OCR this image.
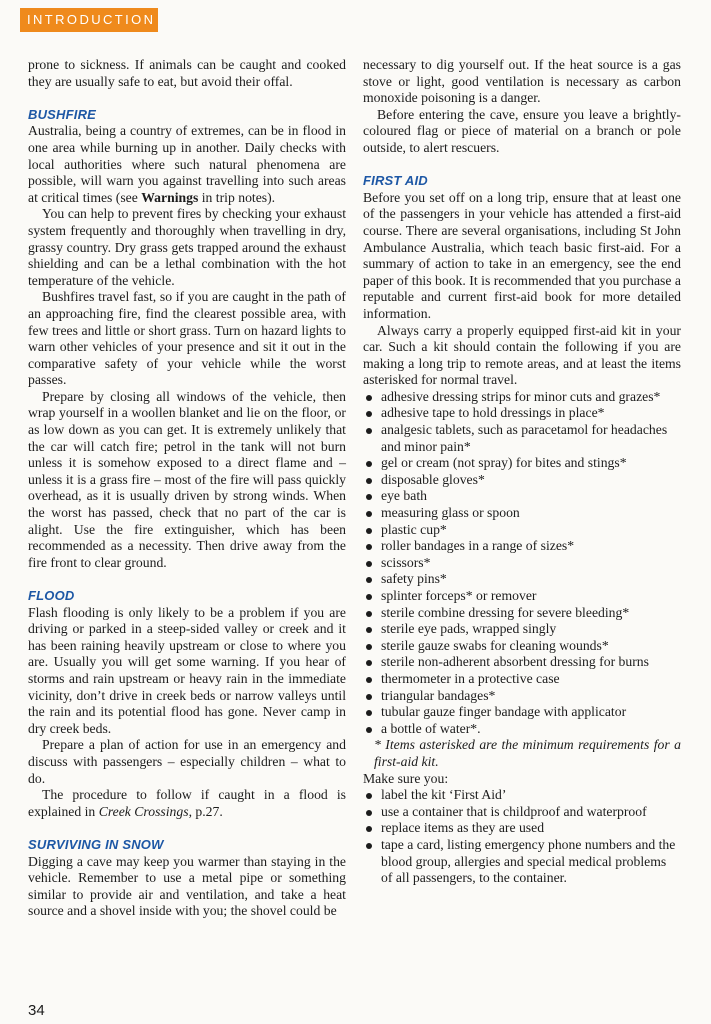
INTRODUCTION

prone to sickness. If animals can be caught and cooked they are usually safe to eat, but avoid their offal.

BUSHFIRE

Australia, being a country of extremes, can be in flood in one area while burning up in another. Daily checks with local authorities where such natural phenomena are possible, will warn you against travelling into such areas at critical times (see Warnings in trip notes).

You can help to prevent fires by checking your exhaust system frequently and thoroughly when travelling in dry, grassy country. Dry grass gets trapped around the exhaust shielding and can be a lethal combination with the hot temperature of the vehicle.

Bushfires travel fast, so if you are caught in the path of an approaching fire, find the clearest possible area, with few trees and little or short grass. Turn on hazard lights to warn other vehicles of your presence and sit it out in the comparative safety of your vehicle while the worst passes.

Prepare by closing all windows of the vehicle, then wrap yourself in a woollen blanket and lie on the floor, or as low down as you can get. It is extremely unlikely that the car will catch fire; petrol in the tank will not burn unless it is somehow exposed to a direct flame and – unless it is a grass fire – most of the fire will pass quickly overhead, as it is usually driven by strong winds. When the worst has passed, check that no part of the car is alight. Use the fire extinguisher, which has been recommended as a necessity. Then drive away from the fire front to clear ground.

FLOOD

Flash flooding is only likely to be a problem if you are driving or parked in a steep-sided valley or creek and it has been raining heavily upstream or close to where you are. Usually you will get some warning. If you hear of storms and rain upstream or heavy rain in the immediate vicinity, don’t drive in creek beds or narrow valleys until the rain and its potential flood has gone. Never camp in dry creek beds.

Prepare a plan of action for use in an emergency and discuss with passengers – especially children – what to do.

The procedure to follow if caught in a flood is explained in Creek Crossings, p.27.

SURVIVING IN SNOW

Digging a cave may keep you warmer than staying in the vehicle. Remember to use a metal pipe or something similar to provide air and ventilation, and take a heat source and a shovel inside with you; the shovel could be

necessary to dig yourself out. If the heat source is a gas stove or light, good ventilation is necessary as carbon monoxide poisoning is a danger.

Before entering the cave, ensure you leave a brightly-coloured flag or piece of material on a branch or pole outside, to alert rescuers.

FIRST AID

Before you set off on a long trip, ensure that at least one of the passengers in your vehicle has attended a first-aid course. There are several organisations, including St John Ambulance Australia, which teach basic first-aid. For a summary of action to take in an emergency, see the end paper of this book. It is recommended that you purchase a reputable and current first-aid book for more detailed information.

Always carry a properly equipped first-aid kit in your car. Such a kit should contain the following if you are making a long trip to remote areas, and at least the items asterisked for normal travel.

adhesive dressing strips for minor cuts and grazes*
adhesive tape to hold dressings in place*
analgesic tablets, such as paracetamol for headaches and minor pain*
gel or cream (not spray) for bites and stings*
disposable gloves*
eye bath
measuring glass or spoon
plastic cup*
roller bandages in a range of sizes*
scissors*
safety pins*
splinter forceps* or remover
sterile combine dressing for severe bleeding*
sterile eye pads, wrapped singly
sterile gauze swabs for cleaning wounds*
sterile non-adherent absorbent dressing for burns
thermometer in a protective case
triangular bandages*
tubular gauze finger bandage with applicator
a bottle of water*.

* Items asterisked are the minimum requirements for a first-aid kit.

Make sure you:

label the kit ‘First Aid’
use a container that is childproof and waterproof
replace items as they are used
tape a card, listing emergency phone numbers and the blood group, allergies and special medical problems of all passengers, to the container.
34
